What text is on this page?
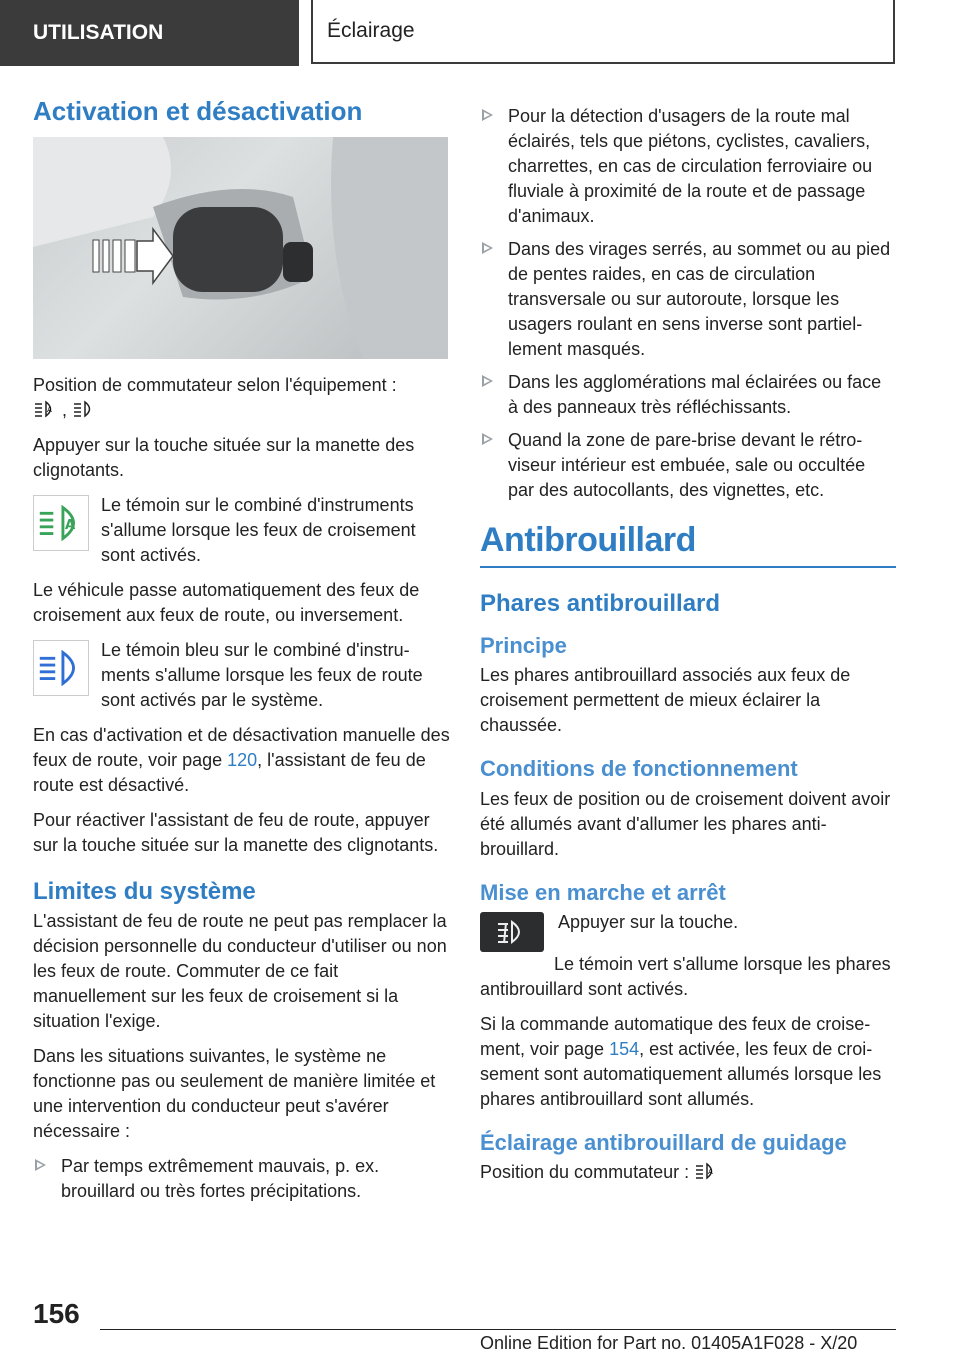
UTILISATION	Éclairage
Activation et désactivation

Position de commutateur selon l'équipement :

A ,

Appuyer sur la touche située sur la manette des clignotants.

A

Le témoin sur le combiné d'instruments s'allume lorsque les feux de croisement sont activés.

Le véhicule passe automatiquement des feux de croisement aux feux de route, ou inversement.

Le témoin bleu sur le combiné d'instruments s'allume lorsque les feux de route sont activés par le système.

En cas d'activation et de désactivation manuelle des feux de route, voir page 120, l'assistant de feu de route est désactivé.

Pour réactiver l'assistant de feu de route, appuyer sur la touche située sur la manette des clignotants.

Limites du système

L'assistant de feu de route ne peut pas remplacer la décision personnelle du conducteur d'utiliser ou non les feux de route. Commuter de ce fait manuellement sur les feux de croisement si la situation l'exige.

Dans les situations suivantes, le système ne fonctionne pas ou seulement de manière limitée et une intervention du conducteur peut s'avérer nécessaire :

Par temps extrêmement mauvais, p. ex. brouillard ou très fortes précipitations.
Pour la détection d'usagers de la route mal éclairés, tels que piétons, cyclistes, cavaliers, charrettes, en cas de circulation ferroviaire ou fluviale à proximité de la route et de passage d'animaux.
Dans des virages serrés, au sommet ou au pied de pentes raides, en cas de circulation transversale ou sur autoroute, lorsque les usagers roulant en sens inverse sont partiellement masqués.
Dans les agglomérations mal éclairées ou face à des panneaux très réfléchissants.
Quand la zone de pare-brise devant le rétroviseur intérieur est embuée, sale ou occultée par des autocollants, des vignettes, etc.
Antibrouillard
Phares antibrouillard
Principe

Les phares antibrouillard associés aux feux de croisement permettent de mieux éclairer la chaussée.

Conditions de fonctionnement

Les feux de position ou de croisement doivent avoir été allumés avant d'allumer les phares antibrouillard.

Mise en marche et arrêt

Appuyer sur la touche.

Le témoin vert s'allume lorsque les phares antibrouillard sont activés.

Si la commande automatique des feux de croisement, voir page 154, est activée, les feux de croisement sont automatiquement allumés lorsque les phares antibrouillard sont allumés.

Éclairage antibrouillard de guidage

Position du commutateur :	A

156
Online Edition for Part no. 01405A1F028 - X/20
